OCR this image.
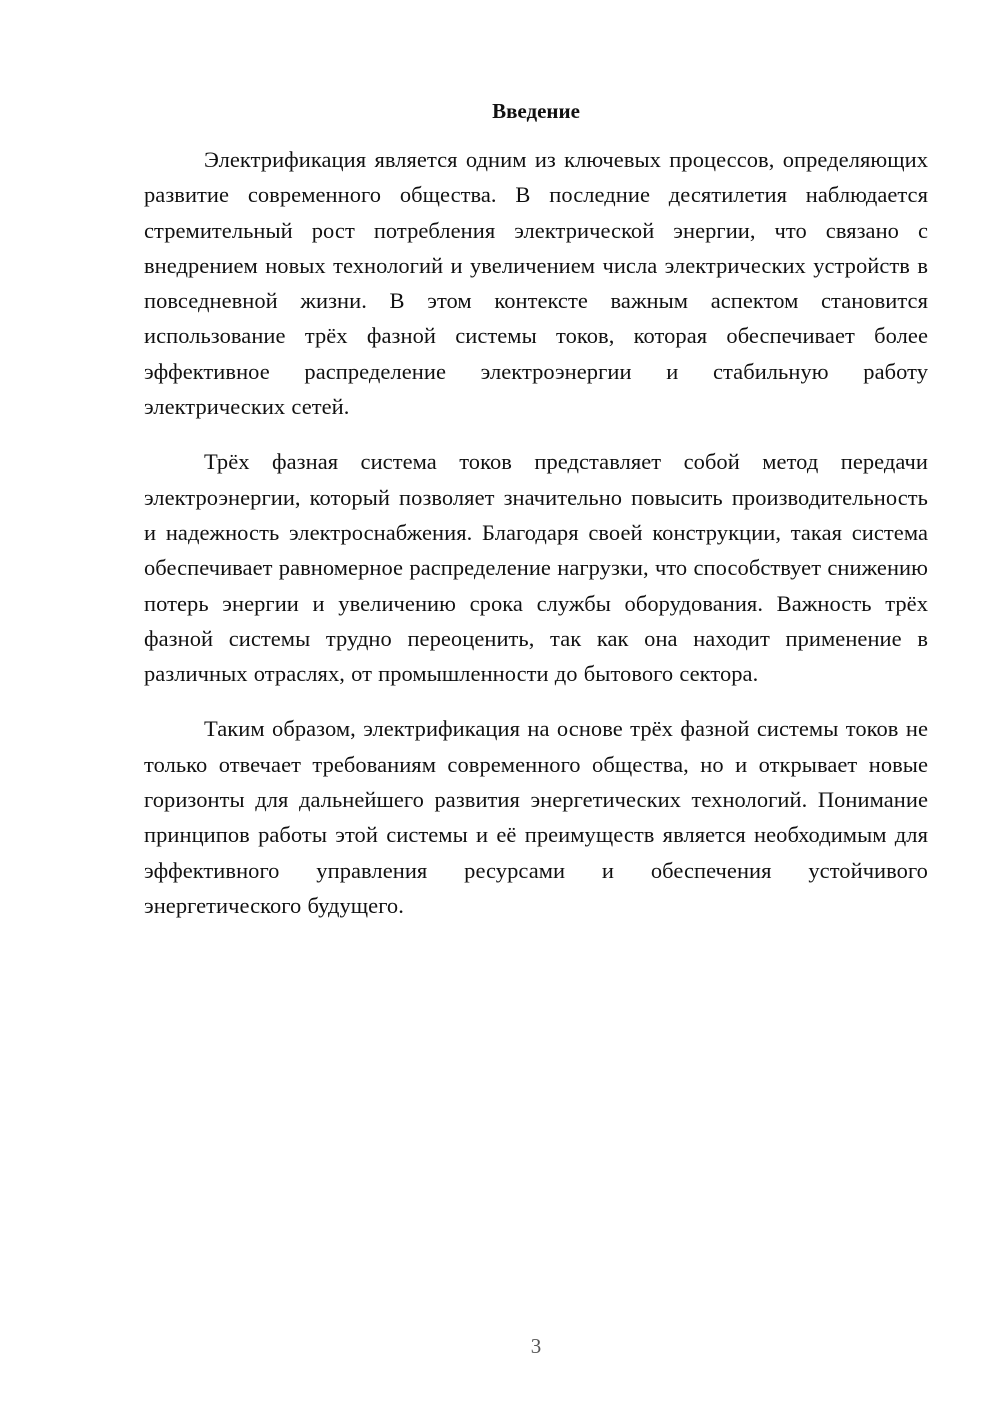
Введение

Электрификация является одним из ключевых процессов, определяющих развитие современного общества. В последние десятилетия наблюдается стремительный рост потребления электрической энергии, что связано с внедрением новых технологий и увеличением числа электрических устройств в повседневной жизни. В этом контексте важным аспектом становится использование трёх фазной системы токов, которая обеспечивает более эффективное распределение электроэнергии и стабильную работу электрических сетей.

Трёх фазная система токов представляет собой метод передачи электроэнергии, который позволяет значительно повысить производительность и надежность электроснабжения. Благодаря своей конструкции, такая система обеспечивает равномерное распределение нагрузки, что способствует снижению потерь энергии и увеличению срока службы оборудования. Важность трёх фазной системы трудно переоценить, так как она находит применение в различных отраслях, от промышленности до бытового сектора.

Таким образом, электрификация на основе трёх фазной системы токов не только отвечает требованиям современного общества, но и открывает новые горизонты для дальнейшего развития энергетических технологий. Понимание принципов работы этой системы и её преимуществ является необходимым для эффективного управления ресурсами и обеспечения устойчивого энергетического будущего.

3
